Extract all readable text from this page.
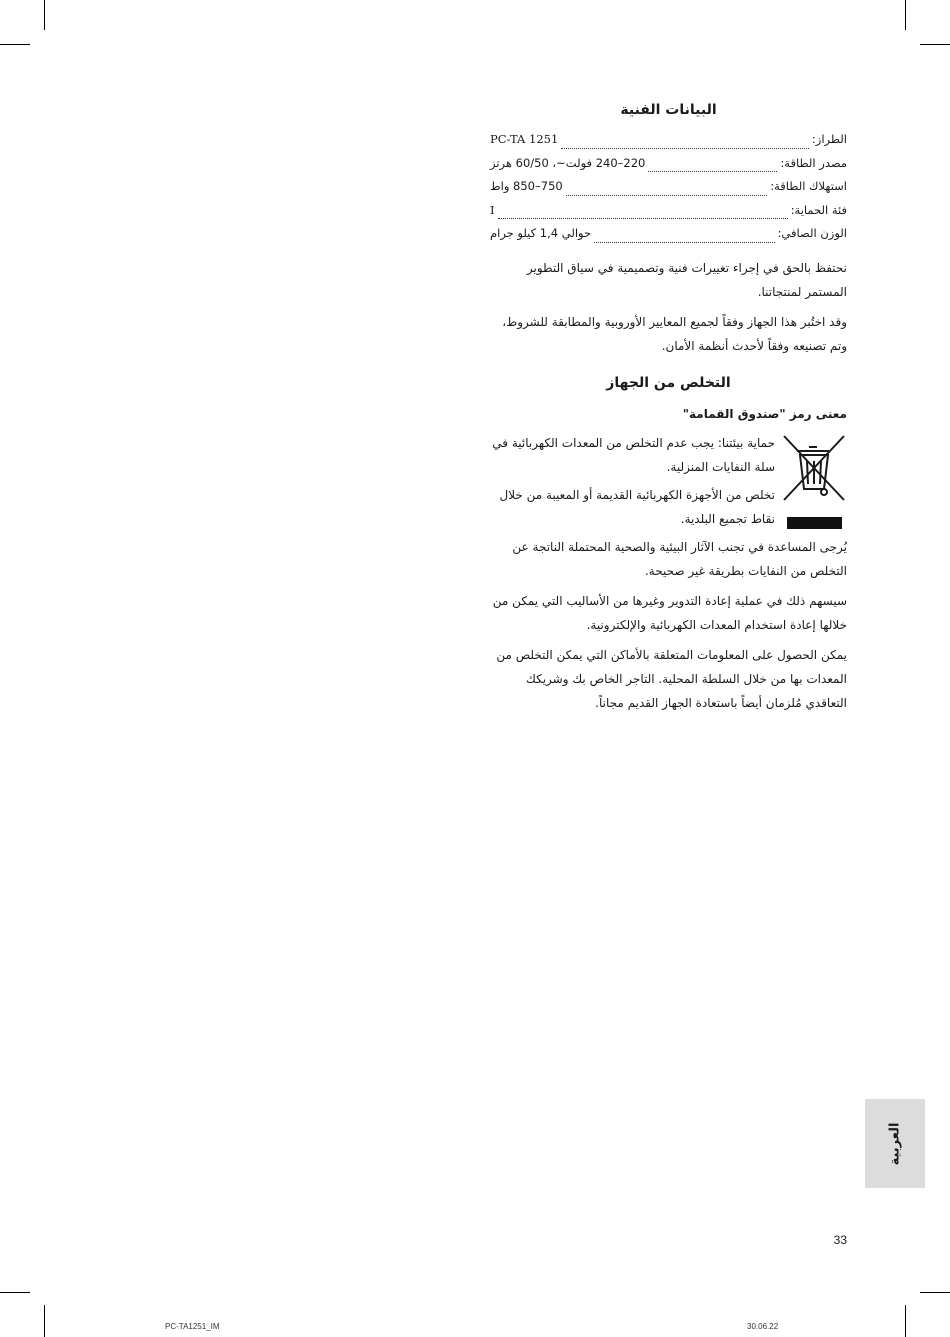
البيانات الفنية
الطراز:
PC-TA 1251
مصدر الطاقة:
220–240 فولت~، 60/50 هرتز
استهلاك الطاقة:
750–850 واط
فئة الحماية:
I
الوزن الصافي:
حوالي 1,4 كيلو جرام

نحتفظ بالحق في إجراء تغييرات فنية وتصميمية في سياق التطوير المستمر لمنتجاتنا.

وقد اختُبر هذا الجهاز وفقاً لجميع المعايير الأوروبية والمطابقة للشروط، وتم تصنيعه وفقاً لأحدث أنظمة الأمان.

التخلص من الجهاز

معنى رمز "صندوق القمامة"

حماية بيئتنا: يجب عدم التخلص من المعدات الكهربائية في سلة النفايات المنزلية.

تخلص من الأجهزة الكهربائية القديمة أو المعيبة من خلال نقاط تجميع البلدية.

يُرجى المساعدة في تجنب الآثار البيئية والصحية المحتملة الناتجة عن التخلص من النفايات بطريقة غير صحيحة.

سيسهم ذلك في عملية إعادة التدوير وغيرها من الأساليب التي يمكن من خلالها إعادة استخدام المعدات الكهربائية والإلكترونية.

يمكن الحصول على المعلومات المتعلقة بالأماكن التي يمكن التخلص من المعدات بها من خلال السلطة المحلية. التاجر الخاص بك وشريكك التعاقدي مُلزمان أيضاً باستعادة الجهاز القديم مجاناً.

العربية
33
PC-TA1251_IM	30.06.22
